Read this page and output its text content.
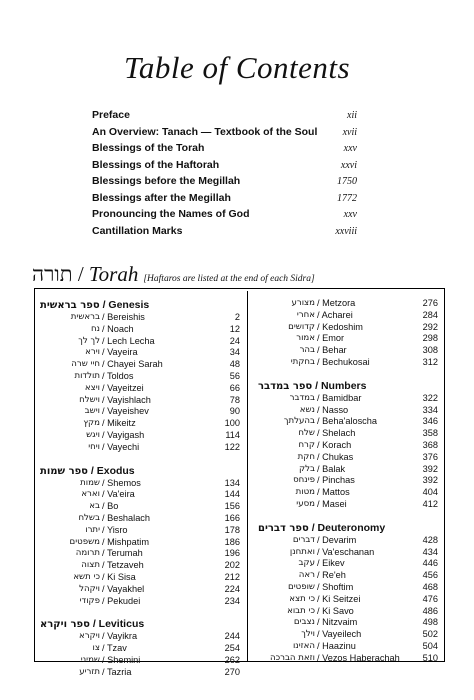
Table of Contents
Preface	xii
An Overview: Tanach — Textbook of the Soul	xvii
Blessings of the Torah	xxv
Blessings of the Haftorah	xxvi
Blessings before the Megillah	1750
Blessings after the Megillah	1772
Pronouncing the Names of God	xxv
Cantillation Marks	xxviii
תורה / Torah [Haftaros are listed at the end of each Sidra]
ספר בראשית / Genesis
בראשית / Bereishis	2
נח / Noach	12
לך לך / Lech Lecha	24
וירא / Vayeira	34
חיי שרה / Chayei Sarah	48
תולדות / Toldos	56
ויצא / Vayeitzei	66
וישלח / Vayishlach	78
וישב / Vayeishev	90
מקץ / Mikeitz	100
ויגש / Vayigash	114
ויחי / Vayechi	122
ספר שמות / Exodus
שמות / Shemos	134
וארא / Va'eira	144
בא / Bo	156
בשלח / Beshalach	166
יתרו / Yisro	178
משפטים / Mishpatim	186
תרומה / Terumah	196
תצוה / Tetzaveh	202
כי תשא / Ki Sisa	212
ויקהל / Vayakhel	224
פקודי / Pekudei	234
ספר ויקרא / Leviticus
ויקרא / Vayikra	244
צו / Tzav	254
שמיני / Shemini	262
תזריע / Tazria	270
מצורע / Metzora	276
אחרי / Acharei	284
קדושים / Kedoshim	292
אמור / Emor	298
בהר / Behar	308
בחקתי / Bechukosai	312
ספר במדבר / Numbers
במדבר / Bamidbar	322
נשא / Nasso	334
בהעלתך / Beha'aloscha	346
שלח / Shelach	358
קרח / Korach	368
חקת / Chukas	376
בלק / Balak	392
פינחס / Pinchas	392
מטות / Mattos	404
מסעי / Masei	412
ספר דברים / Deuteronomy
דברים / Devarim	428
ואתחנן / Va'eschanan	434
עקב / Eikev	446
ראה / Re'eh	456
שופטים / Shoftim	468
כי תצא / Ki Seitzei	476
כי תבוא / Ki Savo	486
נצבים / Nitzvaim	498
וילך / Vayeilech	502
האזינו / Haazinu	504
וזאת הברכה / Vezos Haberachah	510
